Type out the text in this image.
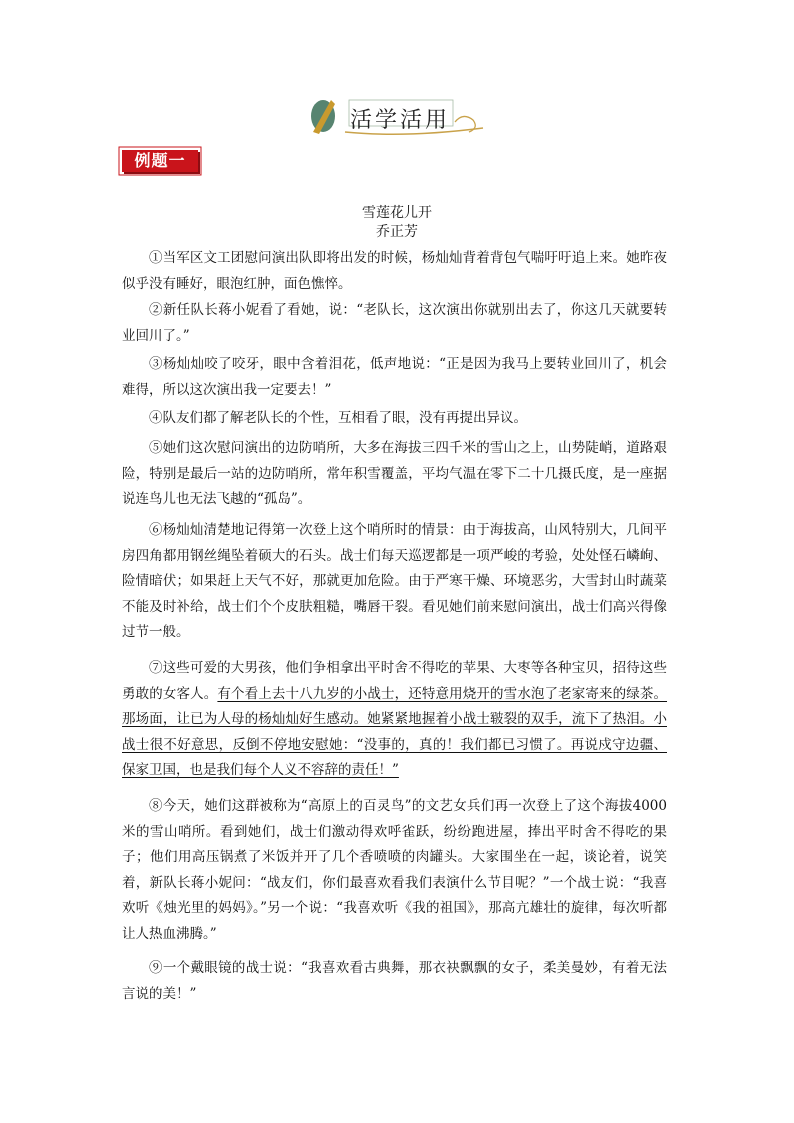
活学活用
例题一
雪莲花儿开
乔正芳

①当军区文工团慰问演出队即将出发的时候，杨灿灿背着背包气喘吁吁追上来。她昨夜似乎没有睡好，眼泡红肿，面色憔悴。

②新任队长蒋小妮看了看她，说：“老队长，这次演出你就别出去了，你这几天就要转业回川了。”

③杨灿灿咬了咬牙，眼中含着泪花，低声地说：“正是因为我马上要转业回川了，机会难得，所以这次演出我一定要去！”

④队友们都了解老队长的个性，互相看了眼，没有再提出异议。

⑤她们这次慰问演出的边防哨所，大多在海拔三四千米的雪山之上，山势陡峭，道路艰险，特别是最后一站的边防哨所，常年积雪覆盖，平均气温在零下二十几摄氏度，是一座据说连鸟儿也无法飞越的“孤岛”。

⑥杨灿灿清楚地记得第一次登上这个哨所时的情景：由于海拔高，山风特别大，几间平房四角都用钢丝绳坠着硕大的石头。战士们每天巡逻都是一项严峻的考验，处处怪石嶙峋、险情暗伏；如果赶上天气不好，那就更加危险。由于严寒干燥、环境恶劣，大雪封山时蔬菜不能及时补给，战士们个个皮肤粗糙，嘴唇干裂。看见她们前来慰问演出，战士们高兴得像过节一般。

⑦这些可爱的大男孩，他们争相拿出平时舍不得吃的苹果、大枣等各种宝贝，招待这些勇敢的女客人。有个看上去十八九岁的小战士，还特意用烧开的雪水泡了老家寄来的绿茶。那场面，让已为人母的杨灿灿好生感动。她紧紧地握着小战士皲裂的双手，流下了热泪。小战士很不好意思，反倒不停地安慰她：“没事的，真的！我们都已习惯了。再说戍守边疆、保家卫国，也是我们每个人义不容辞的责任！”

⑧今天，她们这群被称为“高原上的百灵鸟”的文艺女兵们再一次登上了这个海拔4000米的雪山哨所。看到她们，战士们激动得欢呼雀跃，纷纷跑进屋，捧出平时舍不得吃的果子；他们用高压锅煮了米饭并开了几个香喷喷的肉罐头。大家围坐在一起，谈论着，说笑着，新队长蒋小妮问：“战友们，你们最喜欢看我们表演什么节目呢？”一个战士说：“我喜欢听《烛光里的妈妈》。”另一个说：“我喜欢听《我的祖国》，那高亢雄壮的旋律，每次听都让人热血沸腾。”

⑨一个戴眼镜的战士说：“我喜欢看古典舞，那衣袂飘飘的女子，柔美曼妙，有着无法言说的美！”
